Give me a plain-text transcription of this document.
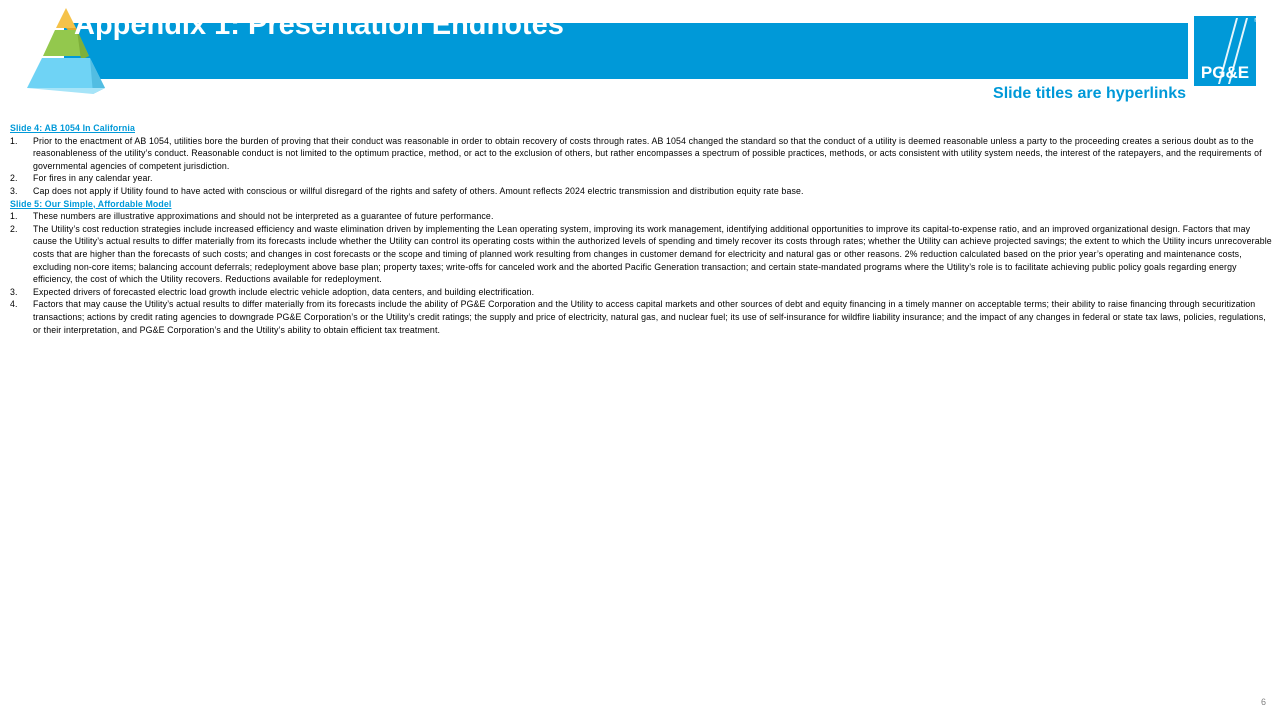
Appendix 1: Presentation Endnotes
PG&E
®
Slide titles are hyperlinks
Slide 4: AB 1054 In California
1.	Prior to the enactment of AB 1054, utilities bore the burden of proving that their conduct was reasonable in order to obtain recovery of costs through rates. AB 1054 changed the standard so that the conduct of a utility is deemed reasonable unless a party to the proceeding creates a serious doubt as to the reasonableness of the utility’s conduct. Reasonable conduct is not limited to the optimum practice, method, or act to the exclusion of others, but rather encompasses a spectrum of possible practices, methods, or acts consistent with utility system needs, the interest of the ratepayers, and the requirements of governmental agencies of competent jurisdiction.
2.	For fires in any calendar year.
3.	Cap does not apply if Utility found to have acted with conscious or willful disregard of the rights and safety of others. Amount reflects 2024 electric transmission and distribution equity rate base.
Slide 5: Our Simple, Affordable Model
1.	These numbers are illustrative approximations and should not be interpreted as a guarantee of future performance.
2.	The Utility’s cost reduction strategies include increased efficiency and waste elimination driven by implementing the Lean operating system, improving its work management, identifying additional opportunities to improve its capital-to-expense ratio, and an improved organizational design. Factors that may cause the Utility’s actual results to differ materially from its forecasts include whether the Utility can control its operating costs within the authorized levels of spending and timely recover its costs through rates; whether the Utility can achieve projected savings; the extent to which the Utility incurs unrecoverable costs that are higher than the forecasts of such costs; and changes in cost forecasts or the scope and timing of planned work resulting from changes in customer demand for electricity and natural gas or other reasons. 2% reduction calculated based on the prior year’s operating and maintenance costs, excluding non-core items; balancing account deferrals; redeployment above base plan; property taxes; write-offs for canceled work and the aborted Pacific Generation transaction; and certain state-mandated programs where the Utility’s role is to facilitate achieving public policy goals regarding energy efficiency, the cost of which the Utility recovers. Reductions available for redeployment.
3.	Expected drivers of forecasted electric load growth include electric vehicle adoption, data centers, and building electrification.
4.	Factors that may cause the Utility’s actual results to differ materially from its forecasts include the ability of PG&E Corporation and the Utility to access capital markets and other sources of debt and equity financing in a timely manner on acceptable terms; their ability to raise financing through securitization transactions; actions by credit rating agencies to downgrade PG&E Corporation’s or the Utility’s credit ratings; the supply and price of electricity, natural gas, and nuclear fuel; its use of self-insurance for wildfire liability insurance; and the impact of any changes in federal or state tax laws, policies, regulations, or their interpretation, and PG&E Corporation’s and the Utility’s ability to obtain efficient tax treatment.
6
